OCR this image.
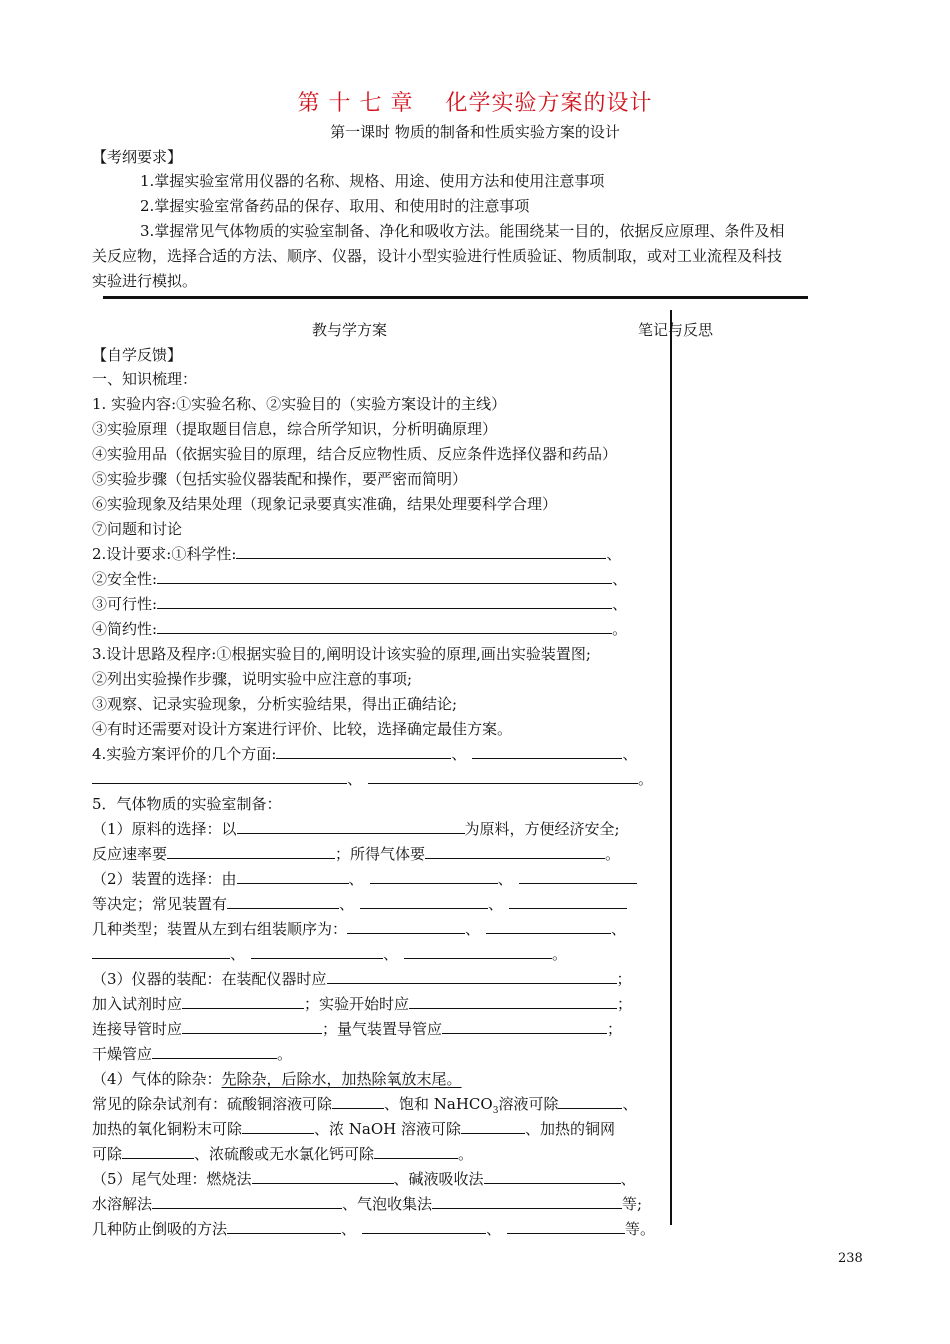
第十七章 化学实验方案的设计
第一课时 物质的制备和性质实验方案的设计
【考纲要求】
1.掌握实验室常用仪器的名称、规格、用途、使用方法和使用注意事项
2.掌握实验室常备药品的保存、取用、和使用时的注意事项
3.掌握常见气体物质的实验室制备、净化和吸收方法。能围绕某一目的，依据反应原理、条件及相
关反应物，选择合适的方法、顺序、仪器，设计小型实验进行性质验证、物质制取，或对工业流程及科技
实验进行模拟。
教与学方案	笔记与反思
【自学反馈】
一、知识梳理：
1. 实验内容:①实验名称、②实验目的（实验方案设计的主线）
③实验原理（提取题目信息，综合所学知识，分析明确原理）
④实验用品（依据实验目的原理，结合反应物性质、反应条件选择仪器和药品）
⑤实验步骤（包括实验仪器装配和操作，要严密而简明）
⑥实验现象及结果处理（现象记录要真实准确，结果处理要科学合理）
⑦问题和讨论
2.设计要求:①科学性:	、
②安全性:	、
③可行性:	、
④简约性:	。
3.设计思路及程序:①根据实验目的,阐明设计该实验的原理,画出实验装置图;
②列出实验操作步骤，说明实验中应注意的事项;
③观察、记录实验现象，分析实验结果，得出正确结论;
④有时还需要对设计方案进行评价、比较，选择确定最佳方案。
4.实验方案评价的几个方面:	、	、
、	。
5．气体物质的实验室制备：
（1）原料的选择：以	为原料，方便经济安全;
反应速率要	；所得气体要	。
（2）装置的选择：由	、	、
等决定；常见装置有	、	、
几种类型；装置从左到右组装顺序为：	、	、
、	、	。
（3）仪器的装配：在装配仪器时应	；
加入试剂时应	；实验开始时应	；
连接导管时应	；量气装置导管应	；
干燥管应	。
（4）气体的除杂：先除杂，后除水，加热除氧放末尾。
常见的除杂试剂有：硫酸铜溶液可除	、饱和 NaHCO$_3$溶液可除	、
加热的氧化铜粉末可除	、浓 NaOH 溶液可除	、加热的铜网
可除	、浓硫酸或无水氯化钙可除	。
（5）尾气处理：燃烧法	、碱液吸收法	、
水溶解法	、气泡收集法	等;
几种防止倒吸的方法	、	、	等。
238
